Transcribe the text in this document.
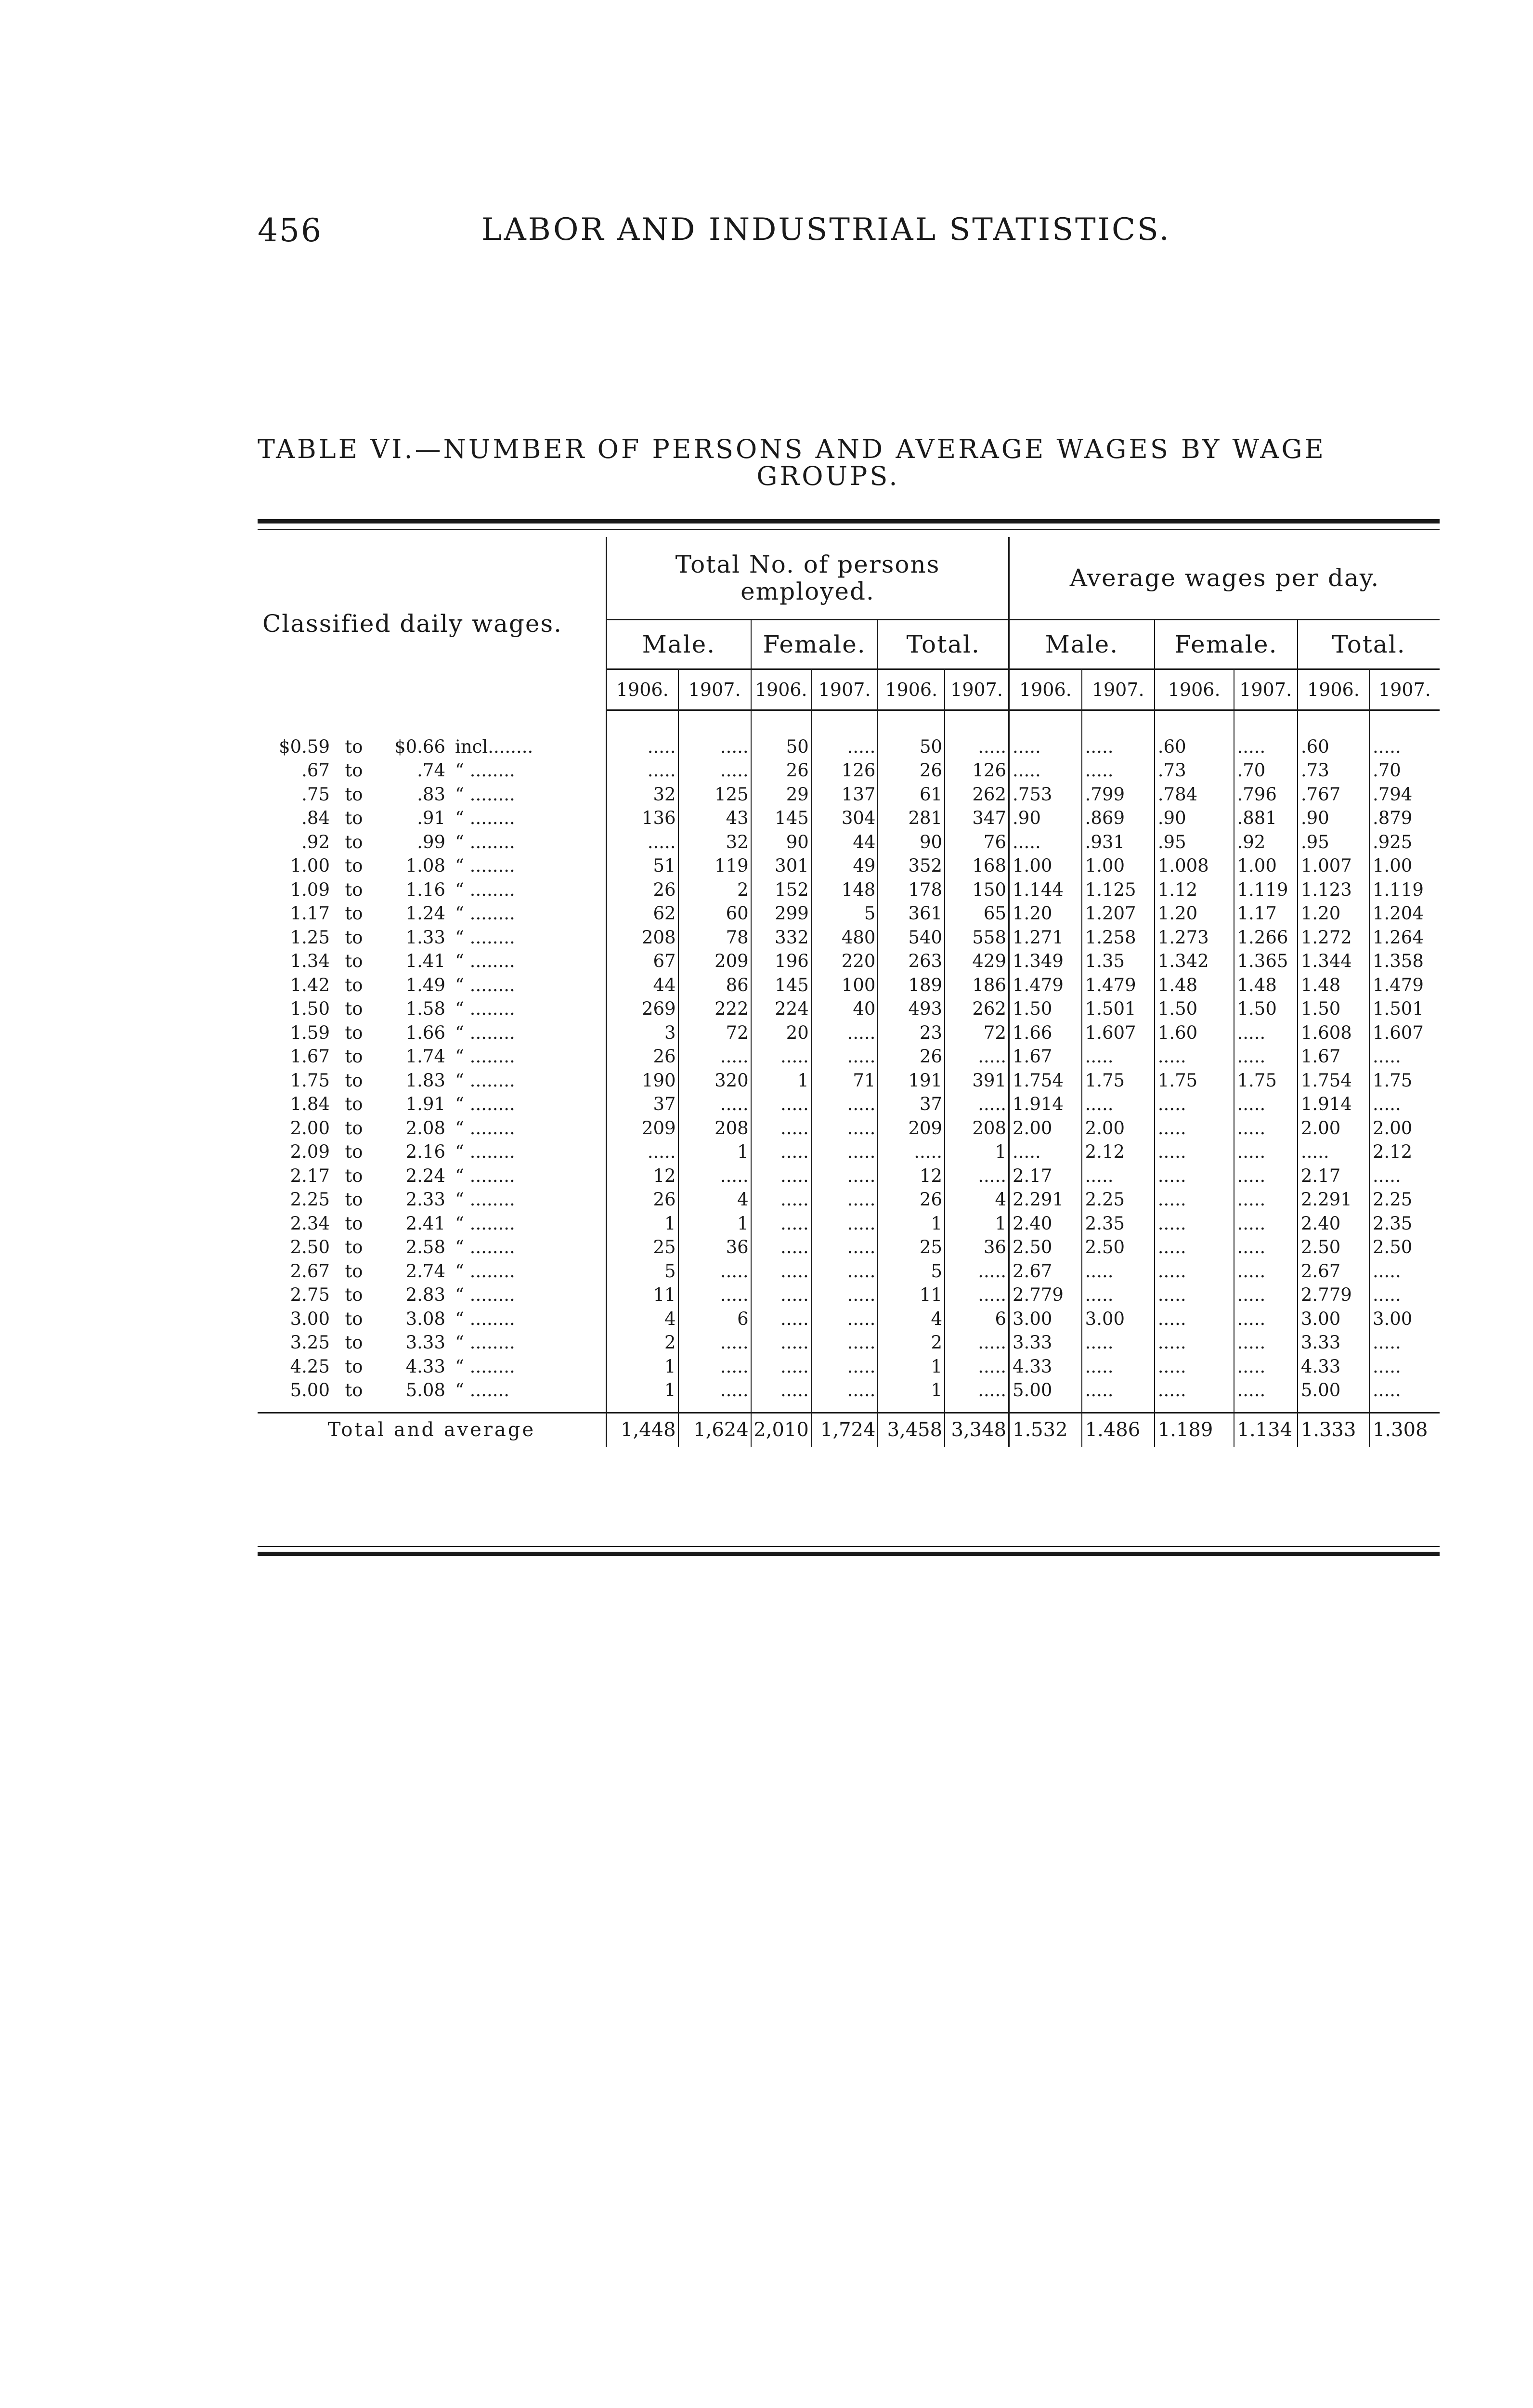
456	LABOR AND INDUSTRIAL STATISTICS.
TABLE VI.—NUMBER OF PERSONS AND AVERAGE WAGES BY WAGE
GROUPS.
Classified daily wages.	Total No. of persons employed.						Average wages per day.					
	Male.		Female.		Total.		Male.		Female.		Total.	
	1906.	1907.	1906.	1907.	1906.	1907.	1906.	1907.	1906.	1907.	1906.	1907.

$0.59 to $0.66 incl........	.....	.....	50	.....	50	.....	.....	.....	.60	.....	.60	.....
.67 to .74 “ ........	.....	.....	26	126	26	126	.....	.....	.73	.70	.73	.70
.75 to .83 “ ........	32	125	29	137	61	262	.753	.799	.784	.796	.767	.794
.84 to .91 “ ........	136	43	145	304	281	347	.90	.869	.90	.881	.90	.879
.92 to .99 “ ........	.....	32	90	44	90	76	.....	.931	.95	.92	.95	.925
1.00 to 1.08 “ ........	51	119	301	49	352	168	1.00	1.00	1.008	1.00	1.007	1.00
1.09 to 1.16 “ ........	26	2	152	148	178	150	1.144	1.125	1.12	1.119	1.123	1.119
1.17 to 1.24 “ ........	62	60	299	5	361	65	1.20	1.207	1.20	1.17	1.20	1.204
1.25 to 1.33 “ ........	208	78	332	480	540	558	1.271	1.258	1.273	1.266	1.272	1.264
1.34 to 1.41 “ ........	67	209	196	220	263	429	1.349	1.35	1.342	1.365	1.344	1.358
1.42 to 1.49 “ ........	44	86	145	100	189	186	1.479	1.479	1.48	1.48	1.48	1.479
1.50 to 1.58 “ ........	269	222	224	40	493	262	1.50	1.501	1.50	1.50	1.50	1.501
1.59 to 1.66 “ ........	3	72	20	.....	23	72	1.66	1.607	1.60	.....	1.608	1.607
1.67 to 1.74 “ ........	26	.....	.....	.....	26	.....	1.67	.....	.....	.....	1.67	.....
1.75 to 1.83 “ ........	190	320	1	71	191	391	1.754	1.75	1.75	1.75	1.754	1.75
1.84 to 1.91 “ ........	37	.....	.....	.....	37	.....	1.914	.....	.....	.....	1.914	.....
2.00 to 2.08 “ ........	209	208	.....	.....	209	208	2.00	2.00	.....	.....	2.00	2.00
2.09 to 2.16 “ ........	.....	1	.....	.....	.....	1	.....	2.12	.....	.....	.....	2.12
2.17 to 2.24 “ ........	12	.....	.....	.....	12	.....	2.17	.....	.....	.....	2.17	.....
2.25 to 2.33 “ ........	26	4	.....	.....	26	4	2.291	2.25	.....	.....	2.291	2.25
2.34 to 2.41 “ ........	1	1	.....	.....	1	1	2.40	2.35	.....	.....	2.40	2.35
2.50 to 2.58 “ ........	25	36	.....	.....	25	36	2.50	2.50	.....	.....	2.50	2.50
2.67 to 2.74 “ ........	5	.....	.....	.....	5	.....	2.67	.....	.....	.....	2.67	.....
2.75 to 2.83 “ ........	11	.....	.....	.....	11	.....	2.779	.....	.....	.....	2.779	.....
3.00 to 3.08 “ ........	4	6	.....	.....	4	6	3.00	3.00	.....	.....	3.00	3.00
3.25 to 3.33 “ ........	2	.....	.....	.....	2	.....	3.33	.....	.....	.....	3.33	.....
4.25 to 4.33 “ ........	1	.....	.....	.....	1	.....	4.33	.....	.....	.....	4.33	.....
5.00 to 5.08 “ .......	1	.....	.....	.....	1	.....	5.00	.....	.....	.....	5.00	.....

Total and average	1,448	1,624	2,010	1,724	3,458	3,348	1.532	1.486	1.189	1.134	1.333	1.308
